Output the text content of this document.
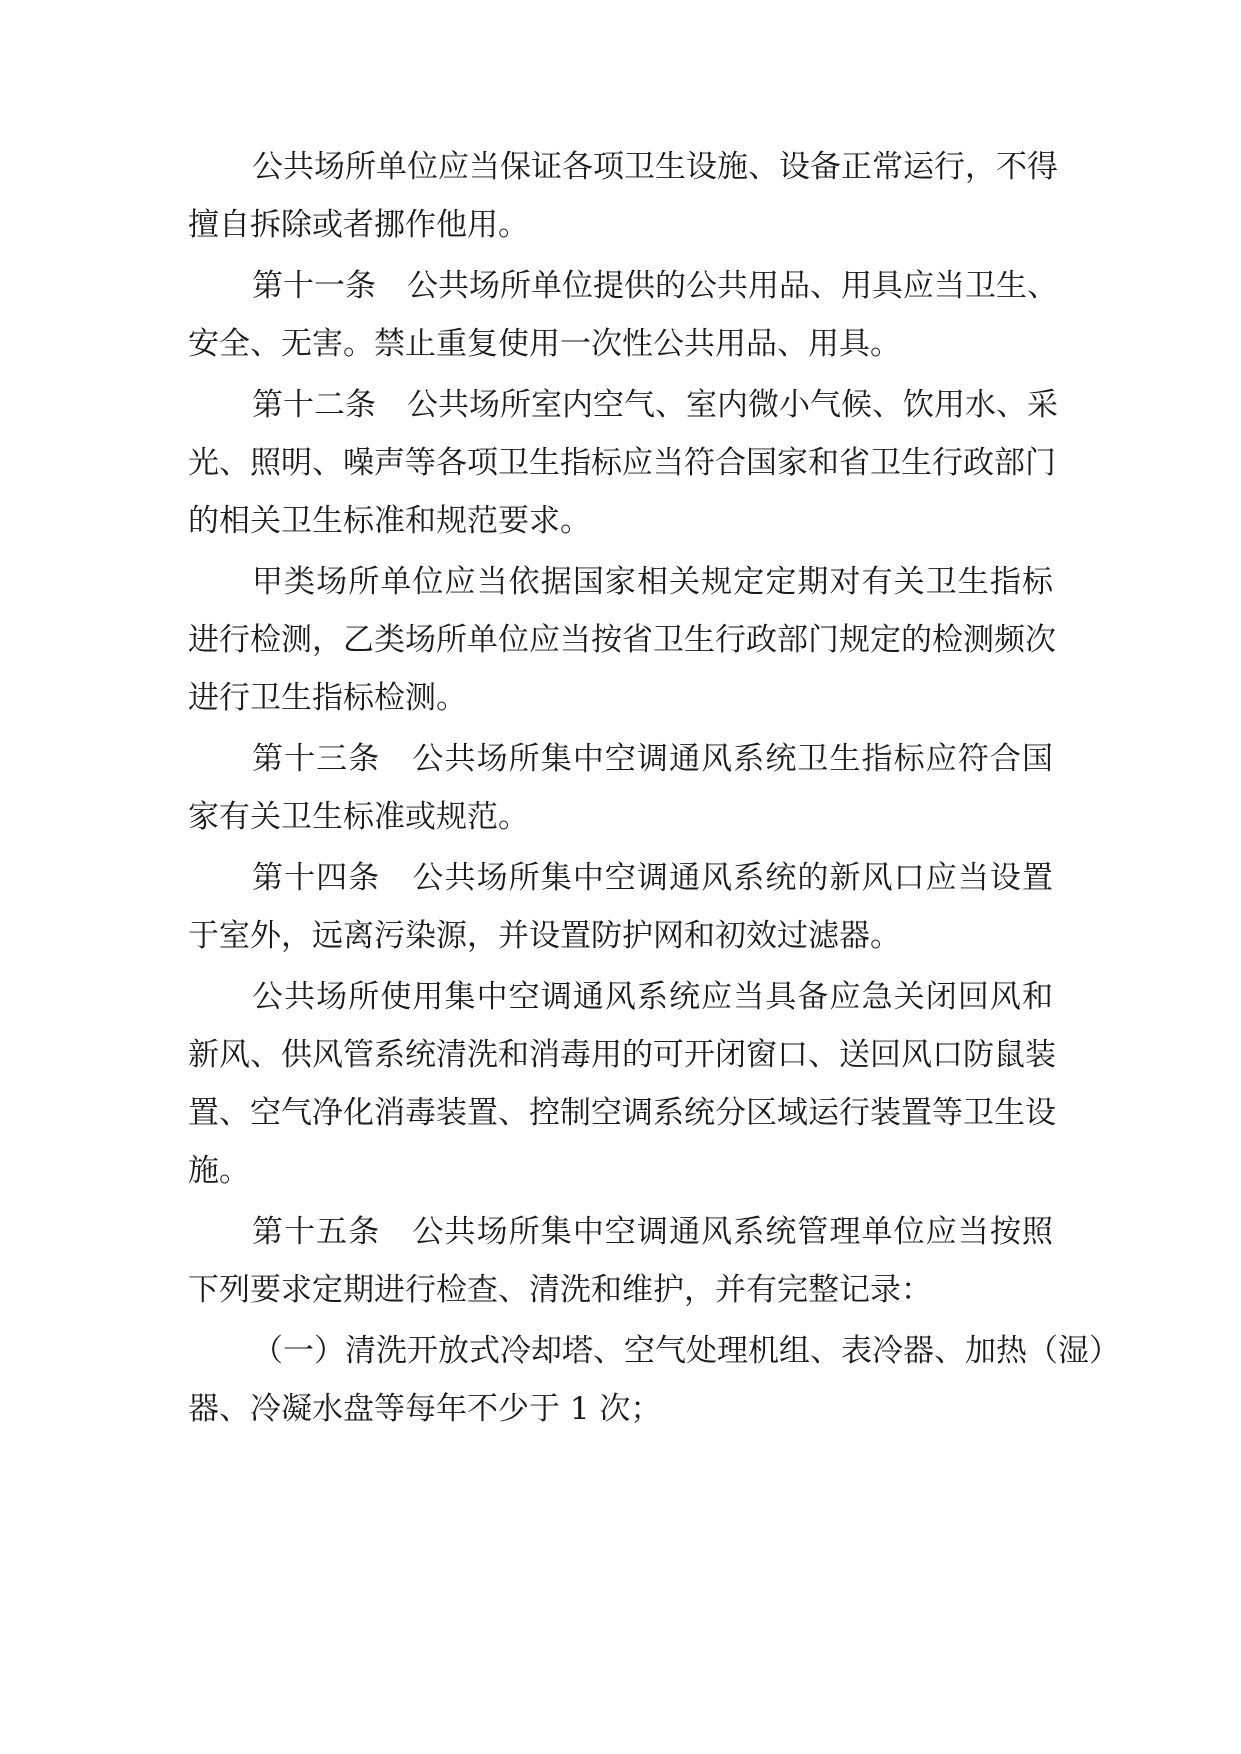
公共场所单位应当保证各项卫生设施、设备正常运行，不得
擅自拆除或者挪作他用。
第十一条　公共场所单位提供的公共用品、用具应当卫生、
安全、无害。禁止重复使用一次性公共用品、用具。
第十二条　公共场所室内空气、室内微小气候、饮用水、采
光、照明、噪声等各项卫生指标应当符合国家和省卫生行政部门
的相关卫生标准和规范要求。
甲类场所单位应当依据国家相关规定定期对有关卫生指标
进行检测，乙类场所单位应当按省卫生行政部门规定的检测频次
进行卫生指标检测。
第十三条　公共场所集中空调通风系统卫生指标应符合国
家有关卫生标准或规范。
第十四条　公共场所集中空调通风系统的新风口应当设置
于室外，远离污染源，并设置防护网和初效过滤器。
公共场所使用集中空调通风系统应当具备应急关闭回风和
新风、供风管系统清洗和消毒用的可开闭窗口、送回风口防鼠装
置、空气净化消毒装置、控制空调系统分区域运行装置等卫生设
施。
第十五条　公共场所集中空调通风系统管理单位应当按照
下列要求定期进行检查、清洗和维护，并有完整记录：
（一）清洗开放式冷却塔、空气处理机组、表冷器、加热（湿）
器、冷凝水盘等每年不少于 1 次；
